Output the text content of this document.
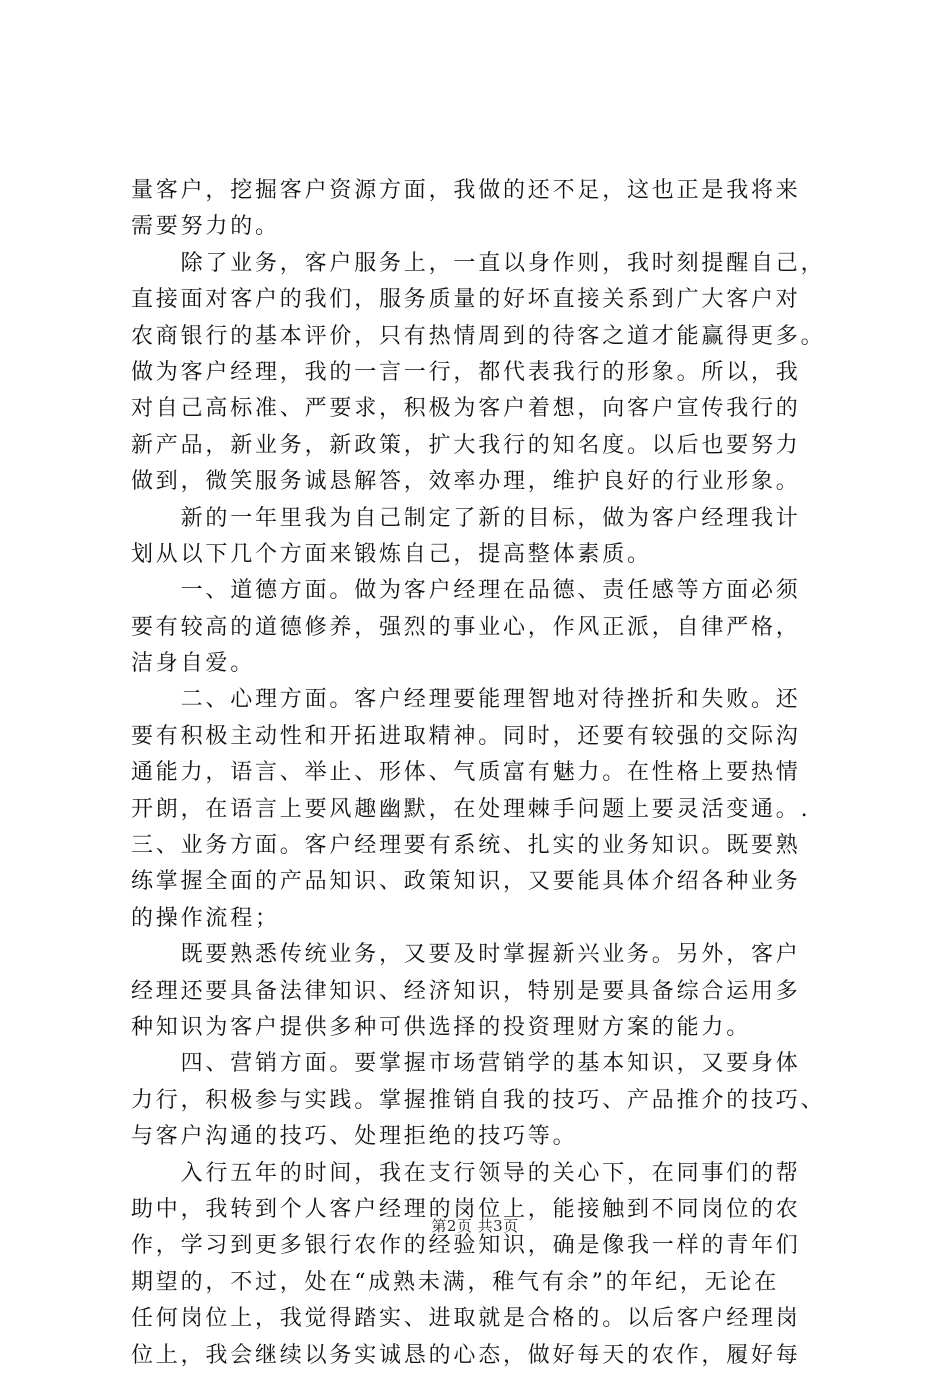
量客户，挖掘客户资源方面，我做的还不足，这也正是我将来
需要努力的。
　　除了业务，客户服务上，一直以身作则，我时刻提醒自己，
直接面对客户的我们，服务质量的好坏直接关系到广大客户对
农商银行的基本评价，只有热情周到的待客之道才能赢得更多。
做为客户经理，我的一言一行，都代表我行的形象。所以，我
对自己高标准、严要求，积极为客户着想，向客户宣传我行的
新产品，新业务，新政策，扩大我行的知名度。以后也要努力
做到，微笑服务诚恳解答，效率办理，维护良好的行业形象。
　　新的一年里我为自己制定了新的目标，做为客户经理我计
划从以下几个方面来锻炼自己，提高整体素质。
　　一、道德方面。做为客户经理在品德、责任感等方面必须
要有较高的道德修养，强烈的事业心，作风正派，自律严格，
洁身自爱。
　　二、心理方面。客户经理要能理智地对待挫折和失败。还
要有积极主动性和开拓进取精神。同时，还要有较强的交际沟
通能力，语言、举止、形体、气质富有魅力。在性格上要热情
开朗，在语言上要风趣幽默，在处理棘手问题上要灵活变通。.
三、业务方面。客户经理要有系统、扎实的业务知识。既要熟
练掌握全面的产品知识、政策知识，又要能具体介绍各种业务
的操作流程；
　　既要熟悉传统业务，又要及时掌握新兴业务。另外，客户
经理还要具备法律知识、经济知识，特别是要具备综合运用多
种知识为客户提供多种可供选择的投资理财方案的能力。
　　四、营销方面。要掌握市场营销学的基本知识，又要身体
力行，积极参与实践。掌握推销自我的技巧、产品推介的技巧、
与客户沟通的技巧、处理拒绝的技巧等。
　　入行五年的时间，我在支行领导的关心下，在同事们的帮
助中，我转到个人客户经理的岗位上，能接触到不同岗位的农
作，学习到更多银行农作的经验知识，确是像我一样的青年们
期望的，不过，处在“成熟未满，稚气有余”的年纪，无论在
任何岗位上，我觉得踏实、进取就是合格的。以后客户经理岗
位上，我会继续以务实诚恳的心态，做好每天的农作，履好每
第2页 共3页
